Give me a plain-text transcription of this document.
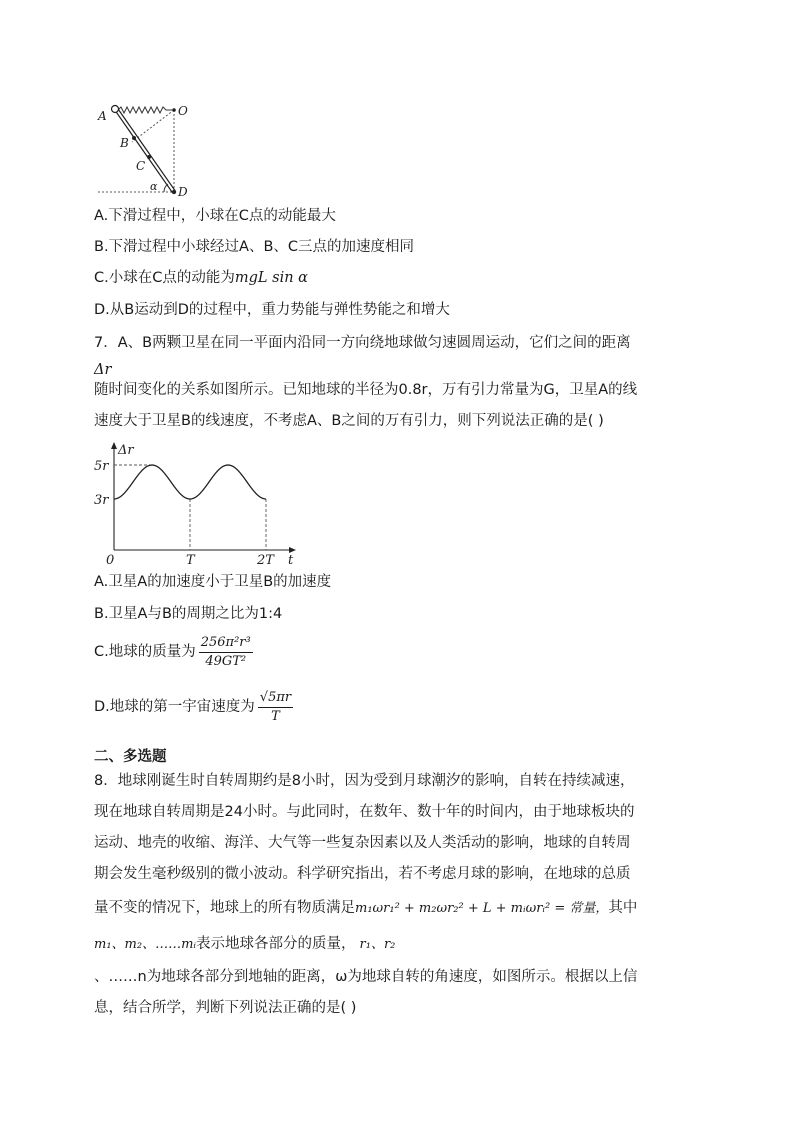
A	O
B
C
D
α
A.下滑过程中，小球在C点的动能最大
B.下滑过程中小球经过A、B、C三点的加速度相同
C.小球在C点的动能为mgL sin α
D.从B运动到D的过程中，重力势能与弹性势能之和增大
7．A、B两颗卫星在同一平面内沿同一方向绕地球做匀速圆周运动，它们之间的距离
Δr
随时间变化的关系如图所示。已知地球的半径为0.8r，万有引力常量为G，卫星A的线
速度大于卫星B的线速度，不考虑A、B之间的万有引力，则下列说法正确的是( )
Δr
t
5r
3r
0	T	2T
A.卫星A的加速度小于卫星B的加速度
B.卫星A与B的周期之比为1:4
C.地球的质量为 $\frac{\text{256π²r³}}{\text{49GT²}}$
D.地球的第一宇宙速度为 $\frac{√5\pi r}{T}$
二、多选题
8．地球刚诞生时自转周期约是8小时，因为受到月球潮汐的影响，自转在持续减速，
现在地球自转周期是24小时。与此同时，在数年、数十年的时间内，由于地球板块的
运动、地壳的收缩、海洋、大气等一些复杂因素以及人类活动的影响，地球的自转周
期会发生毫秒级别的微小波动。科学研究指出，若不考虑月球的影响，在地球的总质
量不变的情况下，地球上的所有物质满足m₁ωr₁² + m₂ωr₂² + L + mᵢωrᵢ² = 常量，其中
m₁、m₂、……mᵢ表示地球各部分的质量， r₁、r₂
、……n为地球各部分到地轴的距离，ω为地球自转的角速度，如图所示。根据以上信
息，结合所学，判断下列说法正确的是( )
